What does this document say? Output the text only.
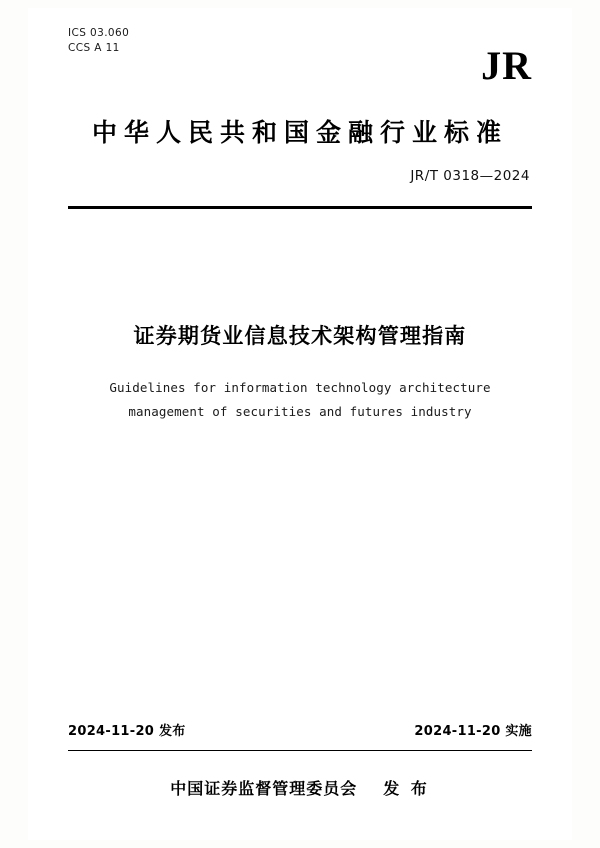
ICS 03.060
CCS A 11	JR
中华人民共和国金融行业标准
JR/T 0318—2024
证券期货业信息技术架构管理指南
Guidelines for information technology architecture management of securities and futures industry
2024-11-20 发布	2024-11-20 实施
中国证券监督管理委员会 发 布
